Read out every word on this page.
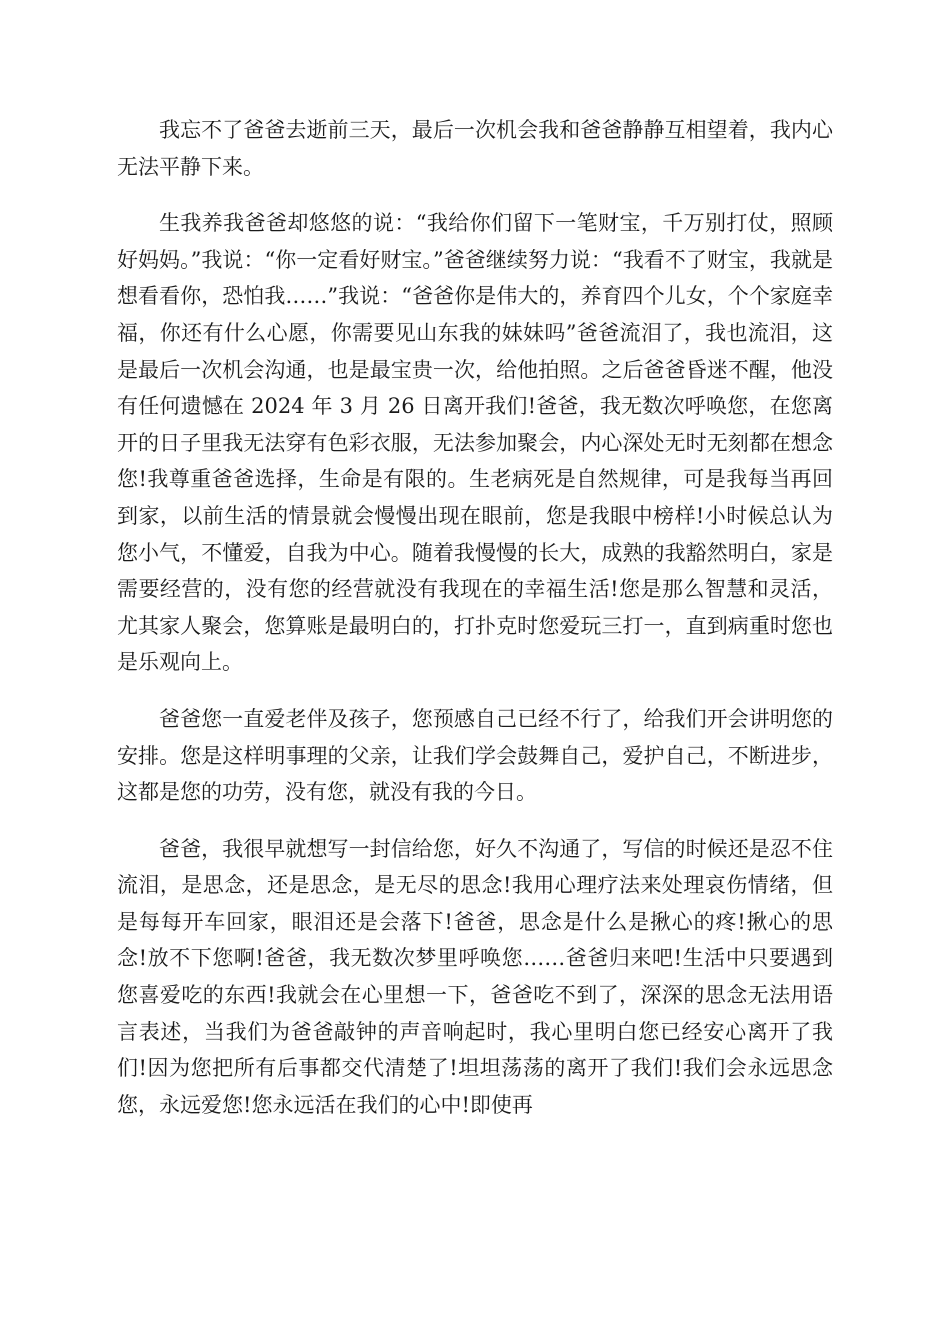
我忘不了爸爸去逝前三天，最后一次机会我和爸爸静静互相望着，我内心无法平静下来。

生我养我爸爸却悠悠的说：“我给你们留下一笔财宝，千万别打仗，照顾好妈妈。”我说：“你一定看好财宝。”爸爸继续努力说：“我看不了财宝，我就是想看看你，恐怕我……”我说：“爸爸你是伟大的，养育四个儿女，个个家庭幸福，你还有什么心愿，你需要见山东我的妹妹吗”爸爸流泪了，我也流泪，这是最后一次机会沟通，也是最宝贵一次，给他拍照。之后爸爸昏迷不醒，他没有任何遗憾在 2024 年 3 月 26 日离开我们!爸爸，我无数次呼唤您，在您离开的日子里我无法穿有色彩衣服，无法参加聚会，内心深处无时无刻都在想念您!我尊重爸爸选择，生命是有限的。生老病死是自然规律，可是我每当再回到家，以前生活的情景就会慢慢出现在眼前，您是我眼中榜样!小时候总认为您小气，不懂爱，自我为中心。随着我慢慢的长大，成熟的我豁然明白，家是需要经营的，没有您的经营就没有我现在的幸福生活!您是那么智慧和灵活，尤其家人聚会，您算账是最明白的，打扑克时您爱玩三打一，直到病重时您也是乐观向上。

爸爸您一直爱老伴及孩子，您预感自己已经不行了，给我们开会讲明您的安排。您是这样明事理的父亲，让我们学会鼓舞自己，爱护自己，不断进步，这都是您的功劳，没有您，就没有我的今日。

爸爸，我很早就想写一封信给您，好久不沟通了，写信的时候还是忍不住流泪，是思念，还是思念，是无尽的思念!我用心理疗法来处理哀伤情绪，但是每每开车回家，眼泪还是会落下!爸爸，思念是什么是揪心的疼!揪心的思念!放不下您啊!爸爸，我无数次梦里呼唤您……爸爸归来吧!生活中只要遇到您喜爱吃的东西!我就会在心里想一下，爸爸吃不到了，深深的思念无法用语言表述，当我们为爸爸敲钟的声音响起时，我心里明白您已经安心离开了我们!因为您把所有后事都交代清楚了!坦坦荡荡的离开了我们!我们会永远思念您，永远爱您!您永远活在我们的心中!即使再
